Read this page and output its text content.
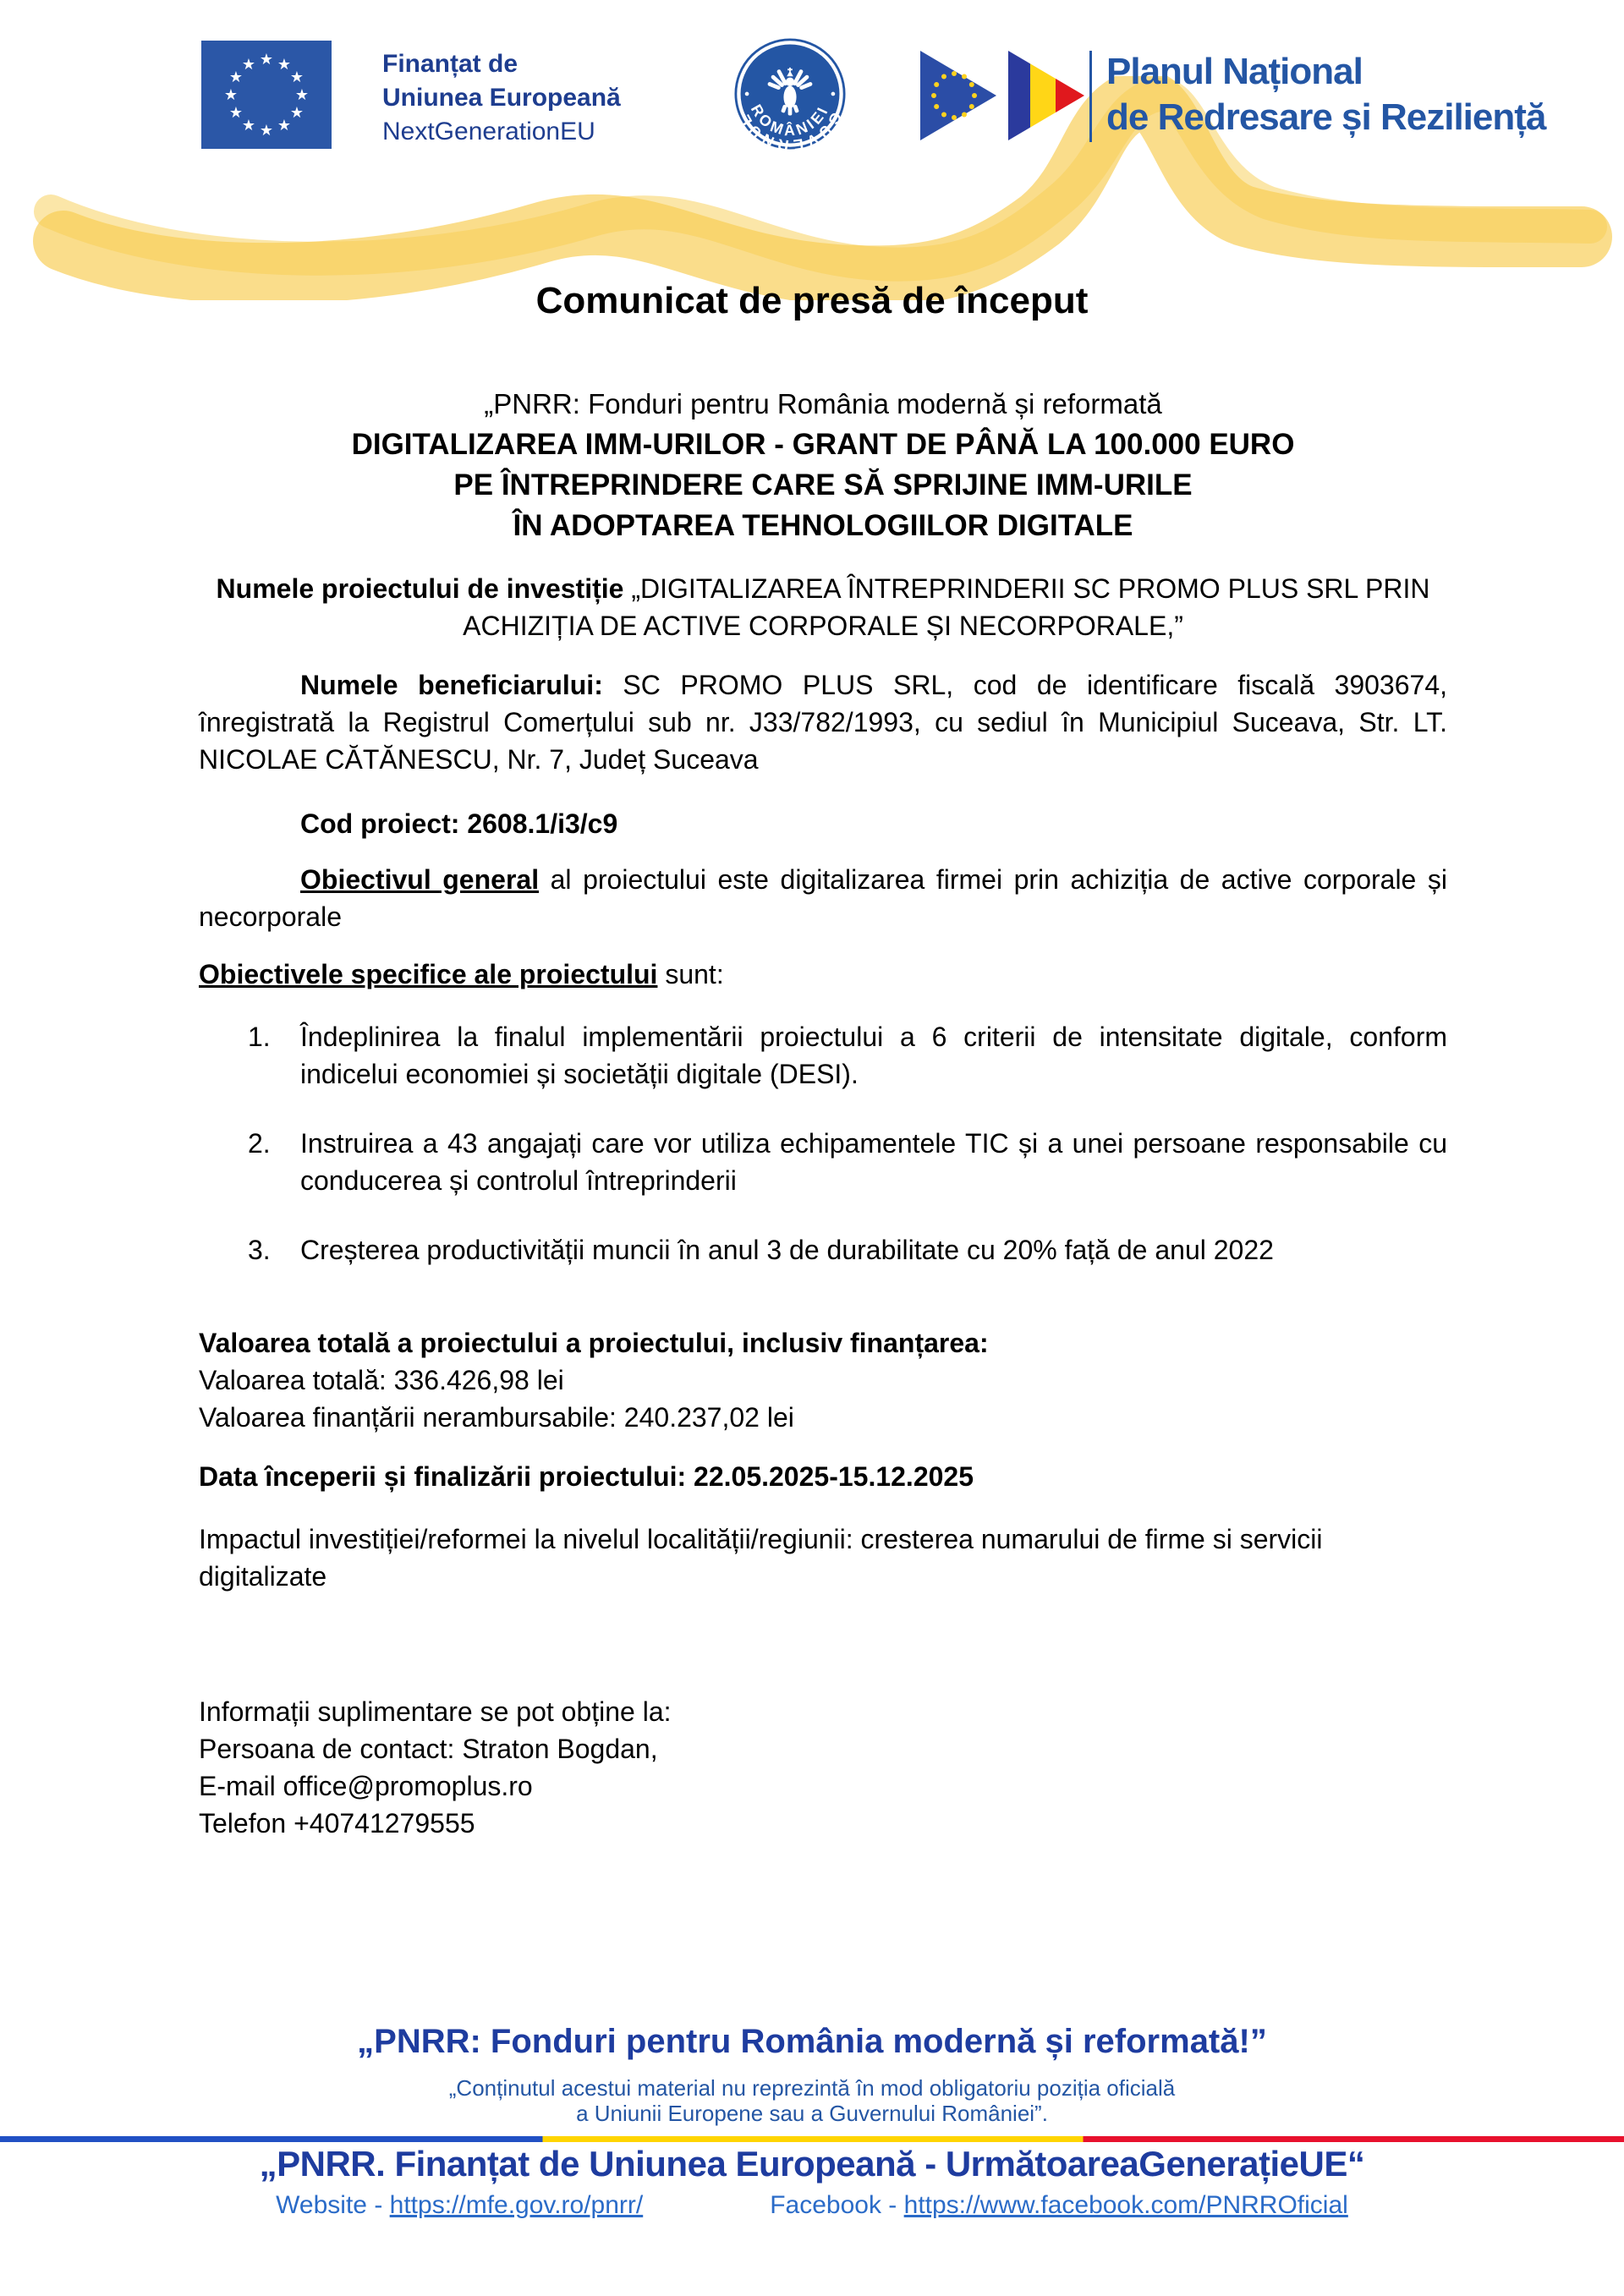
★ ★
★
★
★
★
★
★
★
★
★
★	Finanțat de
Uniunea Europeană
NextGenerationEU	GUVERNUL
ROMÂNIEI
Planul Național
de Redresare și Reziliență
Comunicat de presă de început
„PNRR: Fonduri pentru România modernă și reformată
DIGITALIZAREA IMM-URILOR - GRANT DE PÂNĂ LA 100.000 EURO
PE ÎNTREPRINDERE CARE SĂ SPRIJINE IMM-URILE
ÎN ADOPTAREA TEHNOLOGIILOR DIGITALE
Numele proiectului de investiție „DIGITALIZAREA ÎNTREPRINDERII SC PROMO PLUS SRL PRIN ACHIZIȚIA DE ACTIVE CORPORALE ȘI NECORPORALE,”
Numele beneficiarului: SC PROMO PLUS SRL, cod de identificare fiscală 3903674, înregistrată la Registrul Comerțului sub nr. J33/782/1993, cu sediul în Municipiul Suceava, Str. LT. NICOLAE CĂTĂNESCU, Nr. 7, Județ Suceava
Cod proiect: 2608.1/i3/c9
Obiectivul general al proiectului este digitalizarea firmei prin achiziția de active corporale și necorporale
Obiectivele specifice ale proiectului sunt:
1. Îndeplinirea la finalul implementării proiectului a 6 criterii de intensitate digitale, conform indicelui economiei și societății digitale (DESI).
2. Instruirea a 43 angajați care vor utiliza echipamentele TIC și a unei persoane responsabile cu conducerea și controlul întreprinderii
3. Creșterea productivității muncii în anul 3 de durabilitate cu 20% față de anul 2022
Valoarea totală a proiectului a proiectului, inclusiv finanțarea:
Valoarea totală: 336.426,98 lei
Valoarea finanțării nerambursabile: 240.237,02 lei
Data începerii și finalizării proiectului: 22.05.2025-15.12.2025
Impactul investiției/reformei la nivelul localității/regiunii: cresterea numarului de firme si servicii digitalizate
Informații suplimentare se pot obține la:
Persoana de contact: Straton Bogdan,
E-mail office@promoplus.ro
Telefon +40741279555
„PNRR: Fonduri pentru România modernă și reformată!”
„Conținutul acestui material nu reprezintă în mod obligatoriu poziția oficială
a Uniunii Europene sau a Guvernului României”.
„PNRR. Finanțat de Uniunea Europeană - UrmătoareaGenerațieUE“
Website - https://mfe.gov.ro/pnrr/	Facebook - https://www.facebook.com/PNRROficial
